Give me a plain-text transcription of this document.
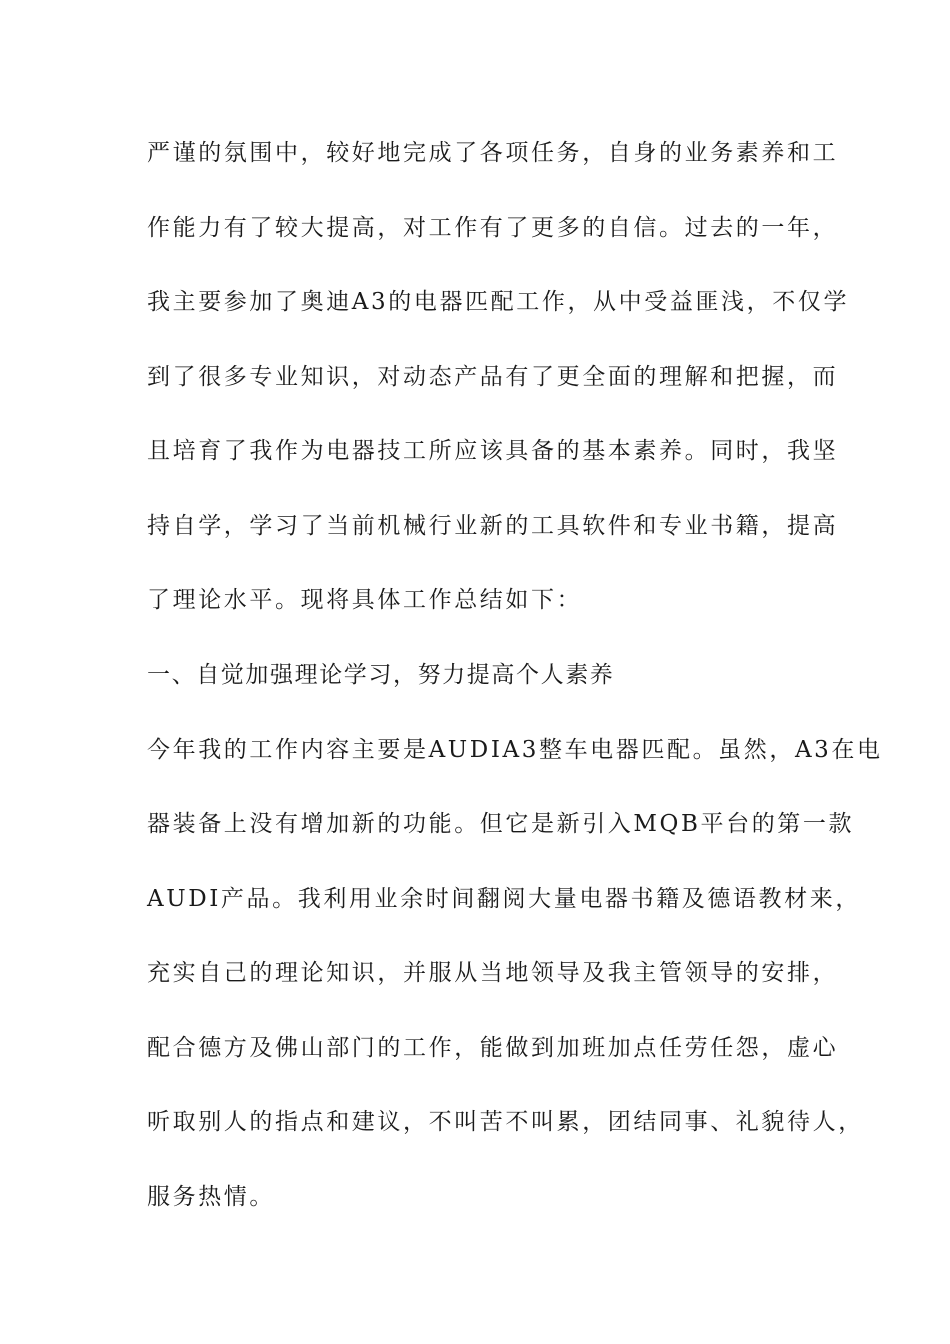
严谨的氛围中，较好地完成了各项任务，自身的业务素养和工
作能力有了较大提高，对工作有了更多的自信。过去的一年，
我主要参加了奥迪A3的电器匹配工作，从中受益匪浅，不仅学
到了很多专业知识，对动态产品有了更全面的理解和把握，而
且培育了我作为电器技工所应该具备的基本素养。同时，我坚
持自学，学习了当前机械行业新的工具软件和专业书籍，提高
了理论水平。现将具体工作总结如下：
一、自觉加强理论学习，努力提高个人素养
今年我的工作内容主要是AUDIA3整车电器匹配。虽然，A3在电
器装备上没有增加新的功能。但它是新引入MQB平台的第一款
AUDI产品。我利用业余时间翻阅大量电器书籍及德语教材来，
充实自己的理论知识，并服从当地领导及我主管领导的安排，
配合德方及佛山部门的工作，能做到加班加点任劳任怨，虚心
听取别人的指点和建议，不叫苦不叫累，团结同事、礼貌待人，
服务热情。
